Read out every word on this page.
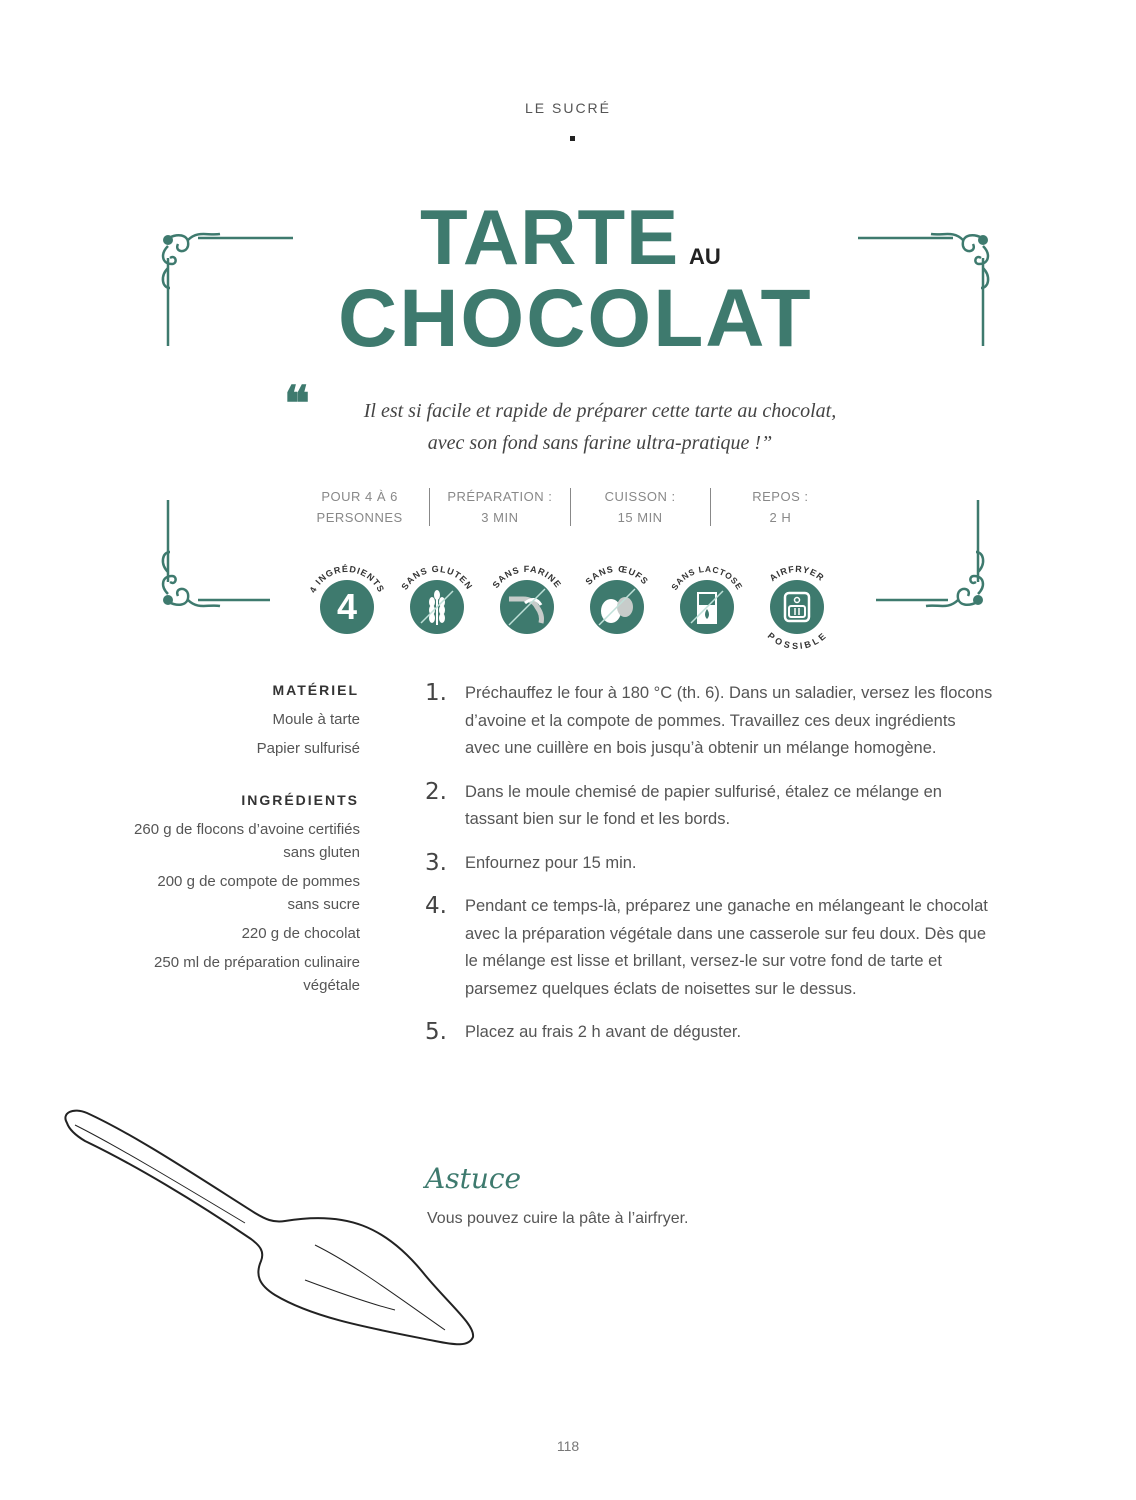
LE SUCRÉ
TARTE AU
CHOCOLAT
❝	Il est si facile et rapide de préparer cette tarte au chocolat,
avec son fond sans farine ultra-pratique !”
POUR 4 À 6
PERSONNES
PRÉPARATION :
3 MIN
CUISSON :
15 MIN
REPOS :
2 H
4 INGRÉDIENTS
4
SANS GLUTEN SANS FARINE SANS ŒUFS SANS LACTOSE
AIRFRYER
POSSIBLE
MATÉRIEL

Moule à tarte

Papier sulfurisé

INGRÉDIENTS

260 g de flocons d’avoine certifiés

sans gluten

200 g de compote de pommes

sans sucre

220 g de chocolat

250 ml de préparation culinaire

végétale

1.	Préchauffez le four à 180 °C (th. 6). Dans un saladier, versez les flocons d’avoine et la compote de pommes. Travaillez ces deux ingrédients avec une cuillère en bois jusqu’à obtenir un mélange homogène.
2.	Dans le moule chemisé de papier sulfurisé, étalez ce mélange en tassant bien sur le fond et les bords.
3.	Enfournez pour 15 min.
4.	Pendant ce temps-là, préparez une ganache en mélangeant le chocolat avec la préparation végétale dans une casserole sur feu doux. Dès que le mélange est lisse et brillant, versez-le sur votre fond de tarte et parsemez quelques éclats de noisettes sur le dessus.
5.	Placez au frais 2 h avant de déguster.
Astuce
Vous pouvez cuire la pâte à l’airfryer.
118
